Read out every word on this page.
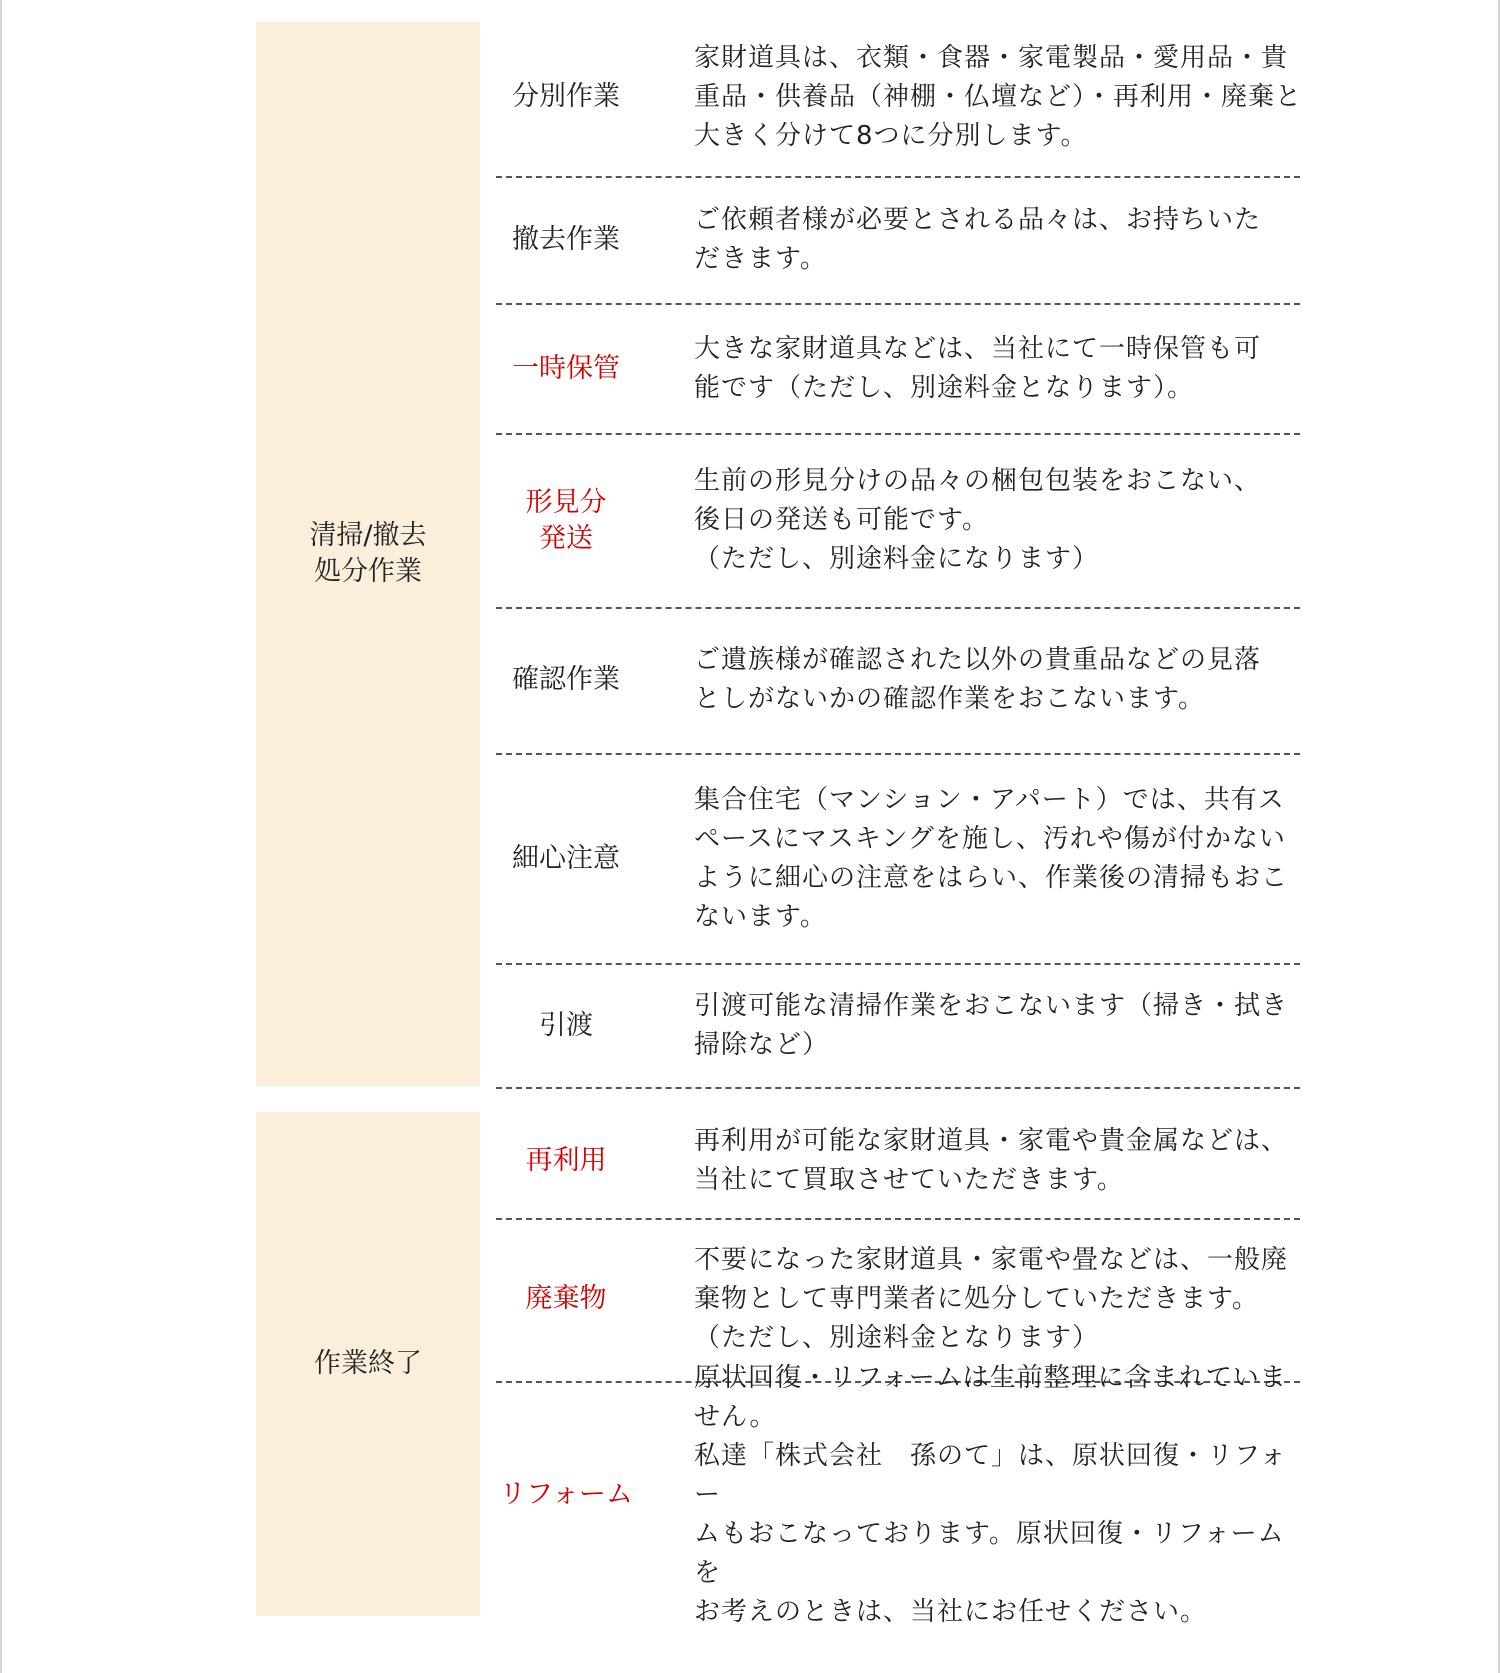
清掃/撤去
処分作業
分別作業
家財道具は、衣類・食器・家電製品・愛用品・貴
重品・供養品（神棚・仏壇など）・再利用・廃棄と
大きく分けて8つに分別します。
撤去作業
ご依頼者様が必要とされる品々は、お持ちいた
だきます。
一時保管
大きな家財道具などは、当社にて一時保管も可
能です（ただし、別途料金となります）。
形見分
発送
生前の形見分けの品々の梱包包装をおこない、
後日の発送も可能です。
（ただし、別途料金になります）
確認作業
ご遺族様が確認された以外の貴重品などの見落
としがないかの確認作業をおこないます。
細心注意
集合住宅（マンション・アパート）では、共有ス
ペースにマスキングを施し、汚れや傷が付かない
ように細心の注意をはらい、作業後の清掃もおこ
ないます。
引渡
引渡可能な清掃作業をおこないます（掃き・拭き
掃除など）
作業終了
再利用
再利用が可能な家財道具・家電や貴金属などは、
当社にて買取させていただきます。
廃棄物
不要になった家財道具・家電や畳などは、一般廃
棄物として専門業者に処分していただきます。
（ただし、別途料金となります）
リフォーム
原状回復・リフォームは生前整理に含まれていま
せん。
私達「株式会社　孫のて」は、原状回復・リフォー
ムもおこなっております。原状回復・リフォームを
お考えのときは、当社にお任せください。
